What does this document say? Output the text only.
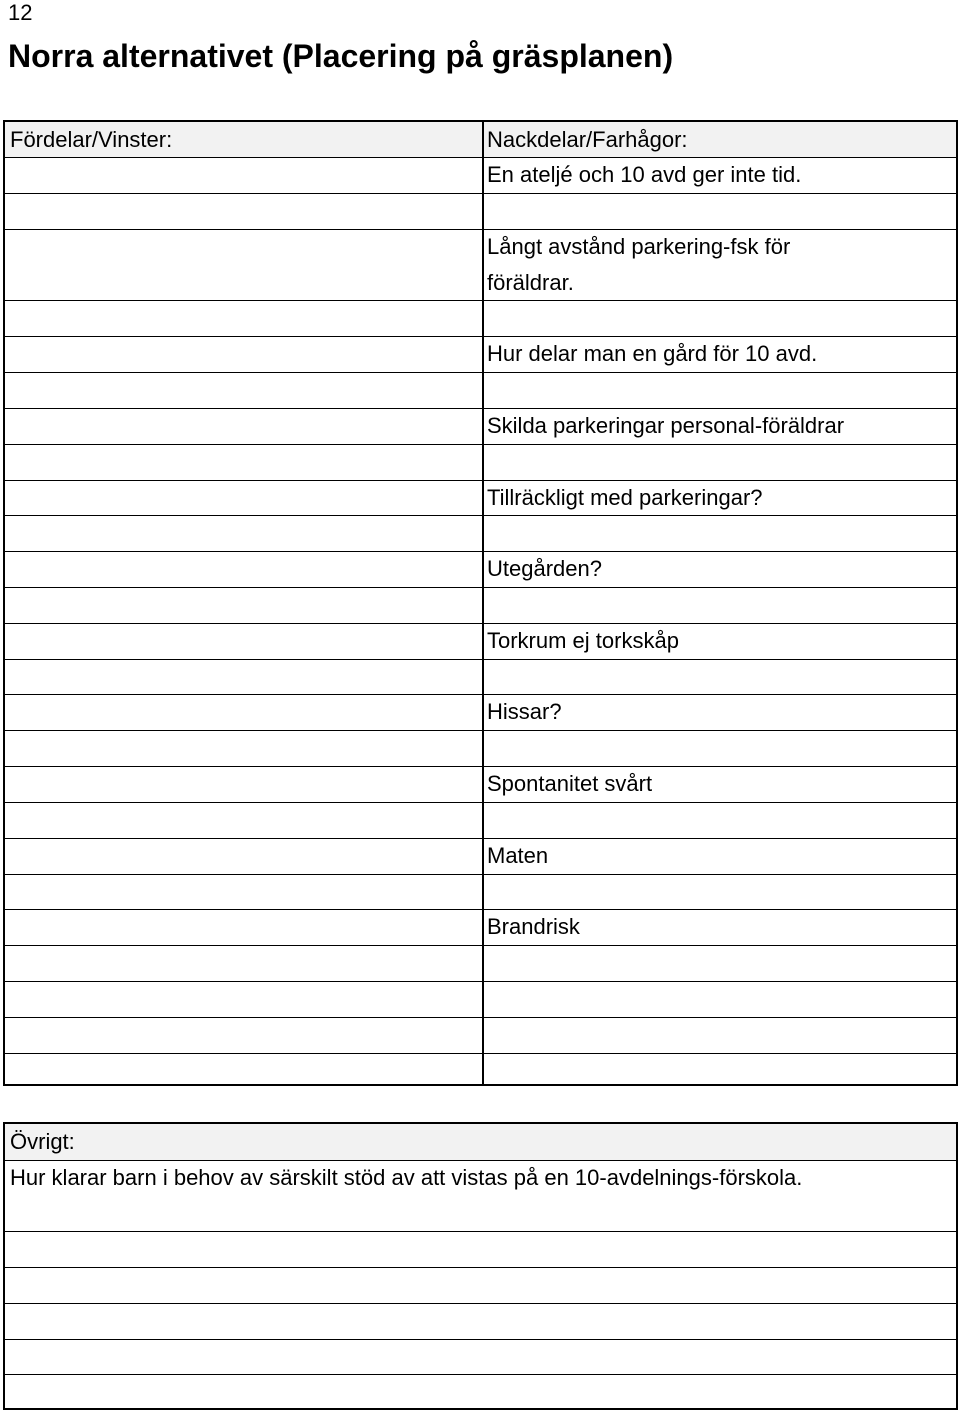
12
Norra alternativet (Placering på gräsplanen)
Fördelar/Vinster:	Nackdelar/Farhågor:
En ateljé och 10 avd ger inte tid.
Långt avstånd parkering-fsk för
föräldrar.
Hur delar man en gård för 10 avd.
Skilda parkeringar personal-föräldrar
Tillräckligt med parkeringar?
Utegården?
Torkrum ej torkskåp
Hissar?
Spontanitet svårt
Maten
Brandrisk
Övrigt:
Hur klarar barn i behov av särskilt stöd av att vistas på en 10-avdelnings-förskola.
